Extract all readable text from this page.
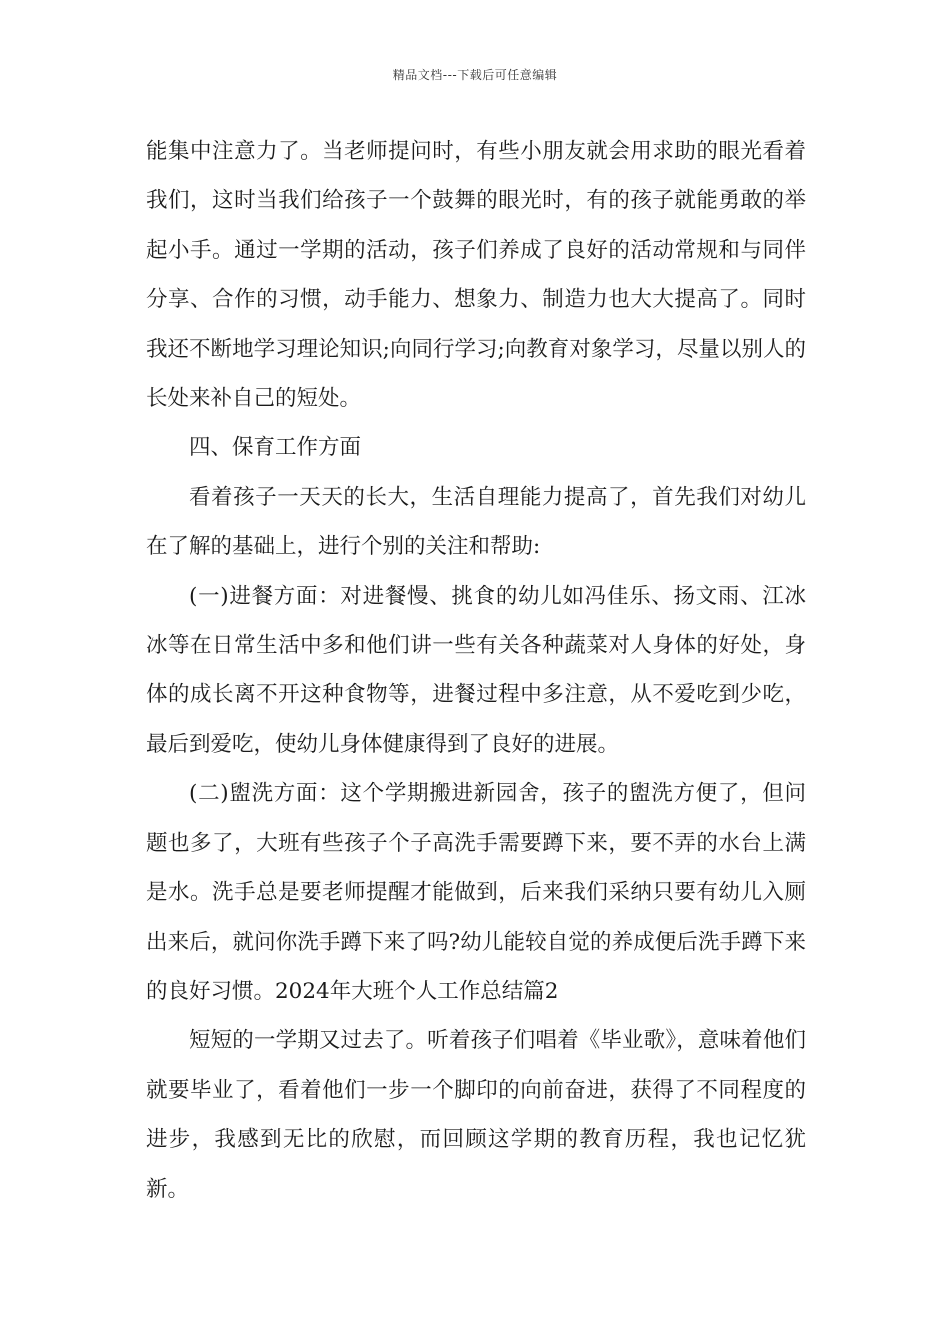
精品文档---下载后可任意编辑

能集中注意力了。当老师提问时，有些小朋友就会用求助的眼光看着我们，这时当我们给孩子一个鼓舞的眼光时，有的孩子就能勇敢的举起小手。通过一学期的活动，孩子们养成了良好的活动常规和与同伴分享、合作的习惯，动手能力、想象力、制造力也大大提高了。同时我还不断地学习理论知识;向同行学习;向教育对象学习，尽量以别人的长处来补自己的短处。

四、保育工作方面

看着孩子一天天的长大，生活自理能力提高了，首先我们对幼儿在了解的基础上，进行个别的关注和帮助:

(一)进餐方面：对进餐慢、挑食的幼儿如冯佳乐、扬文雨、江冰冰等在日常生活中多和他们讲一些有关各种蔬菜对人身体的好处，身体的成长离不开这种食物等，进餐过程中多注意，从不爱吃到少吃，最后到爱吃，使幼儿身体健康得到了良好的进展。

(二)盥洗方面：这个学期搬进新园舍，孩子的盥洗方便了，但问题也多了，大班有些孩子个子高洗手需要蹲下来，要不弄的水台上满是水。洗手总是要老师提醒才能做到，后来我们采纳只要有幼儿入厕出来后，就问你洗手蹲下来了吗?幼儿能较自觉的养成便后洗手蹲下来的良好习惯。2024年大班个人工作总结篇2

短短的一学期又过去了。听着孩子们唱着《毕业歌》，意味着他们就要毕业了，看着他们一步一个脚印的向前奋进，获得了不同程度的进步，我感到无比的欣慰，而回顾这学期的教育历程，我也记忆犹新。
